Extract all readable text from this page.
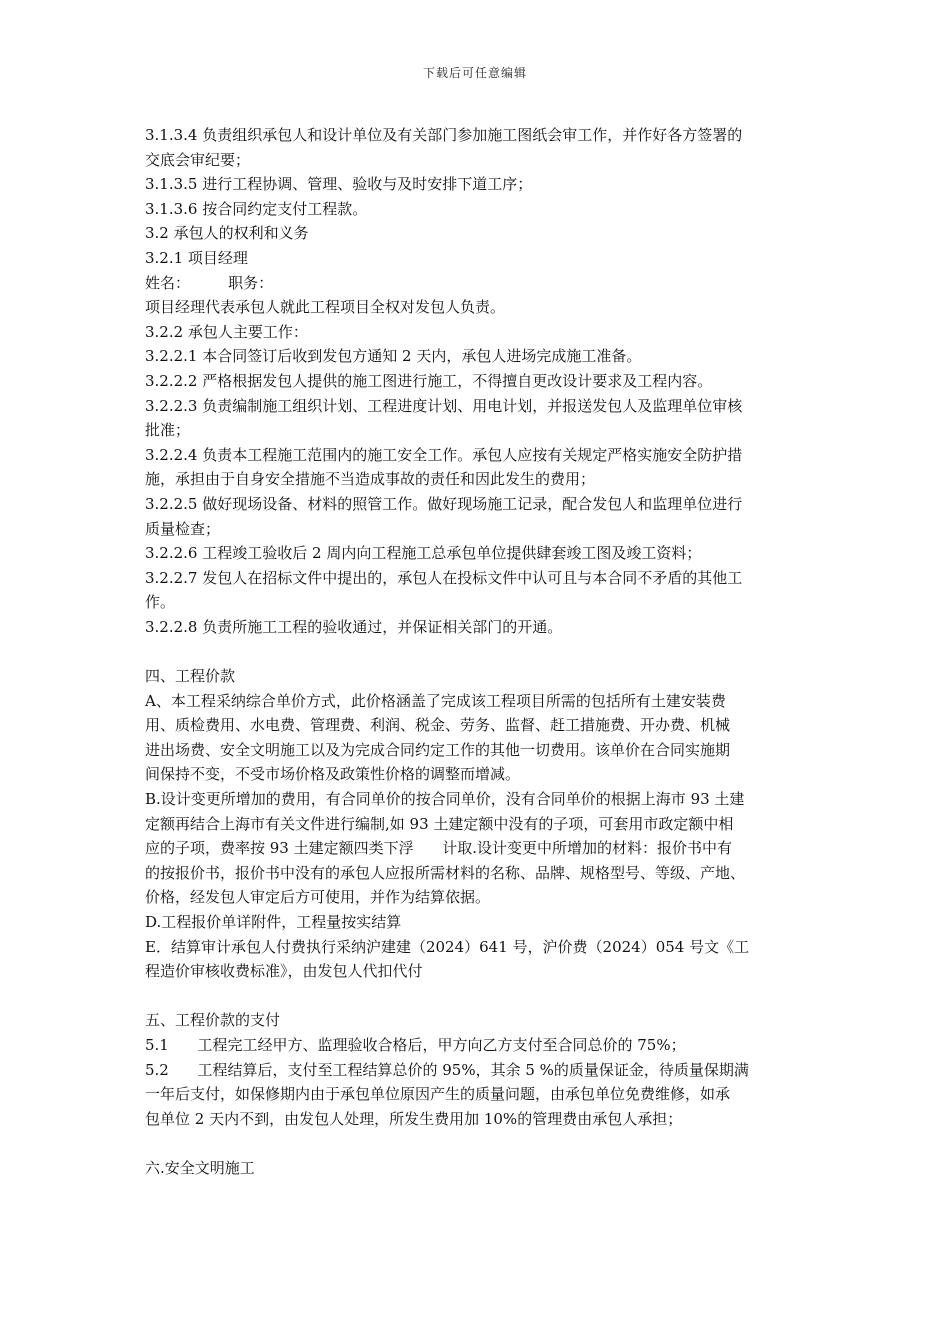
下载后可任意编辑

3.1.3.4 负责组织承包人和设计单位及有关部门参加施工图纸会审工作，并作好各方签署的

交底会审纪要；

3.1.3.5 进行工程协调、管理、验收与及时安排下道工序；

3.1.3.6 按合同约定支付工程款。

3.2 承包人的权利和义务

3.2.1 项目经理

姓名：        职务：

项目经理代表承包人就此工程项目全权对发包人负责。

3.2.2 承包人主要工作：

3.2.2.1 本合同签订后收到发包方通知 2 天内，承包人进场完成施工准备。

3.2.2.2 严格根据发包人提供的施工图进行施工，不得擅自更改设计要求及工程内容。

3.2.2.3 负责编制施工组织计划、工程进度计划、用电计划，并报送发包人及监理单位审核

批准；

3.2.2.4 负责本工程施工范围内的施工安全工作。承包人应按有关规定严格实施安全防护措

施，承担由于自身安全措施不当造成事故的责任和因此发生的费用；

3.2.2.5 做好现场设备、材料的照管工作。做好现场施工记录，配合发包人和监理单位进行

质量检查；

3.2.2.6 工程竣工验收后 2 周内向工程施工总承包单位提供肆套竣工图及竣工资料；

3.2.2.7 发包人在招标文件中提出的，承包人在投标文件中认可且与本合同不矛盾的其他工

作。

3.2.2.8 负责所施工工程的验收通过，并保证相关部门的开通。

四、工程价款

A、本工程采纳综合单价方式，此价格涵盖了完成该工程项目所需的包括所有土建安装费

用、质检费用、水电费、管理费、利润、税金、劳务、监督、赶工措施费、开办费、机械

进出场费、安全文明施工以及为完成合同约定工作的其他一切费用。该单价在合同实施期

间保持不变，不受市场价格及政策性价格的调整而增减。

B.设计变更所增加的费用，有合同单价的按合同单价，没有合同单价的根据上海市 93 土建

定额再结合上海市有关文件进行编制,如 93 土建定额中没有的子项，可套用市政定额中相

应的子项，费率按 93 土建定额四类下浮      计取.设计变更中所增加的材料：报价书中有

的按报价书，报价书中没有的承包人应报所需材料的名称、品牌、规格型号、等级、产地、

价格，经发包人审定后方可使用，并作为结算依据。

D.工程报价单详附件，工程量按实结算

E．结算审计承包人付费执行采纳沪建建（2024）641 号，沪价费（2024）054 号文《工

程造价审核收费标准》，由发包人代扣代付

五、工程价款的支付

5.1      工程完工经甲方、监理验收合格后，甲方向乙方支付至合同总价的 75%；

5.2      工程结算后，支付至工程结算总价的 95%，其余 5 %的质量保证金，待质量保期满

一年后支付，如保修期内由于承包单位原因产生的质量问题，由承包单位免费维修，如承

包单位 2 天内不到，由发包人处理，所发生费用加 10%的管理费由承包人承担；

六.安全文明施工
